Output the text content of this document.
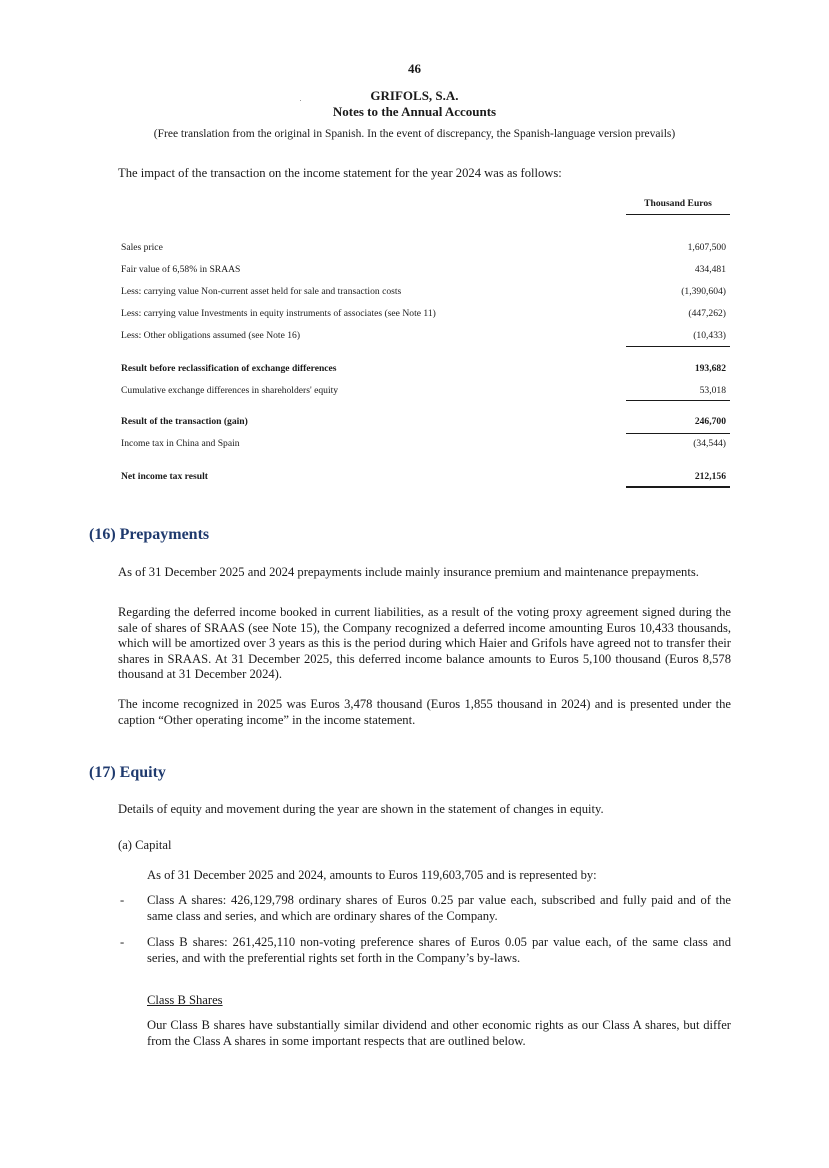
46
GRIFOLS, S.A.
Notes to the Annual Accounts
(Free translation from the original in Spanish. In the event of discrepancy, the Spanish-language version prevails)
The impact of the transaction on the income statement for the year 2024 was as follows:
Thousand Euros
Sales price	1,607,500
Fair value of 6,58% in SRAAS	434,481
Less: carrying value Non-current asset held for sale and transaction costs	(1,390,604)
Less: carrying value Investments in equity instruments of associates (see Note 11)	(447,262)
Less: Other obligations assumed (see Note 16)	(10,433)
Result before reclassification of exchange differences	193,682
Cumulative exchange differences in shareholders' equity	53,018
Result of the transaction (gain)	246,700
Income tax in China and Spain	(34,544)
Net income tax result	212,156
(16) Prepayments
As of 31 December 2025 and 2024 prepayments include mainly insurance premium and maintenance prepayments.
Regarding the deferred income booked in current liabilities, as a result of the voting proxy agreement signed during the sale of shares of SRAAS (see Note 15), the Company recognized a deferred income amounting Euros 10,433 thousands, which will be amortized over 3 years as this is the period during which Haier and Grifols have agreed not to transfer their shares in SRAAS. At 31 December 2025, this deferred income balance amounts to Euros 5,100 thousand (Euros 8,578 thousand at 31 December 2024).
The income recognized in 2025 was Euros 3,478 thousand (Euros 1,855 thousand in 2024) and is presented under the caption “Other operating income” in the income statement.
(17) Equity
Details of equity and movement during the year are shown in the statement of changes in equity.
(a) Capital
As of 31 December 2025 and 2024, amounts to Euros 119,603,705 and is represented by:
- Class A shares: 426,129,798 ordinary shares of Euros 0.25 par value each, subscribed and fully paid and of the same class and series, and which are ordinary shares of the Company.
- Class B shares: 261,425,110 non-voting preference shares of Euros 0.05 par value each, of the same class and series, and with the preferential rights set forth in the Company’s by-laws.
Class B Shares
Our Class B shares have substantially similar dividend and other economic rights as our Class A shares, but differ from the Class A shares in some important respects that are outlined below.
